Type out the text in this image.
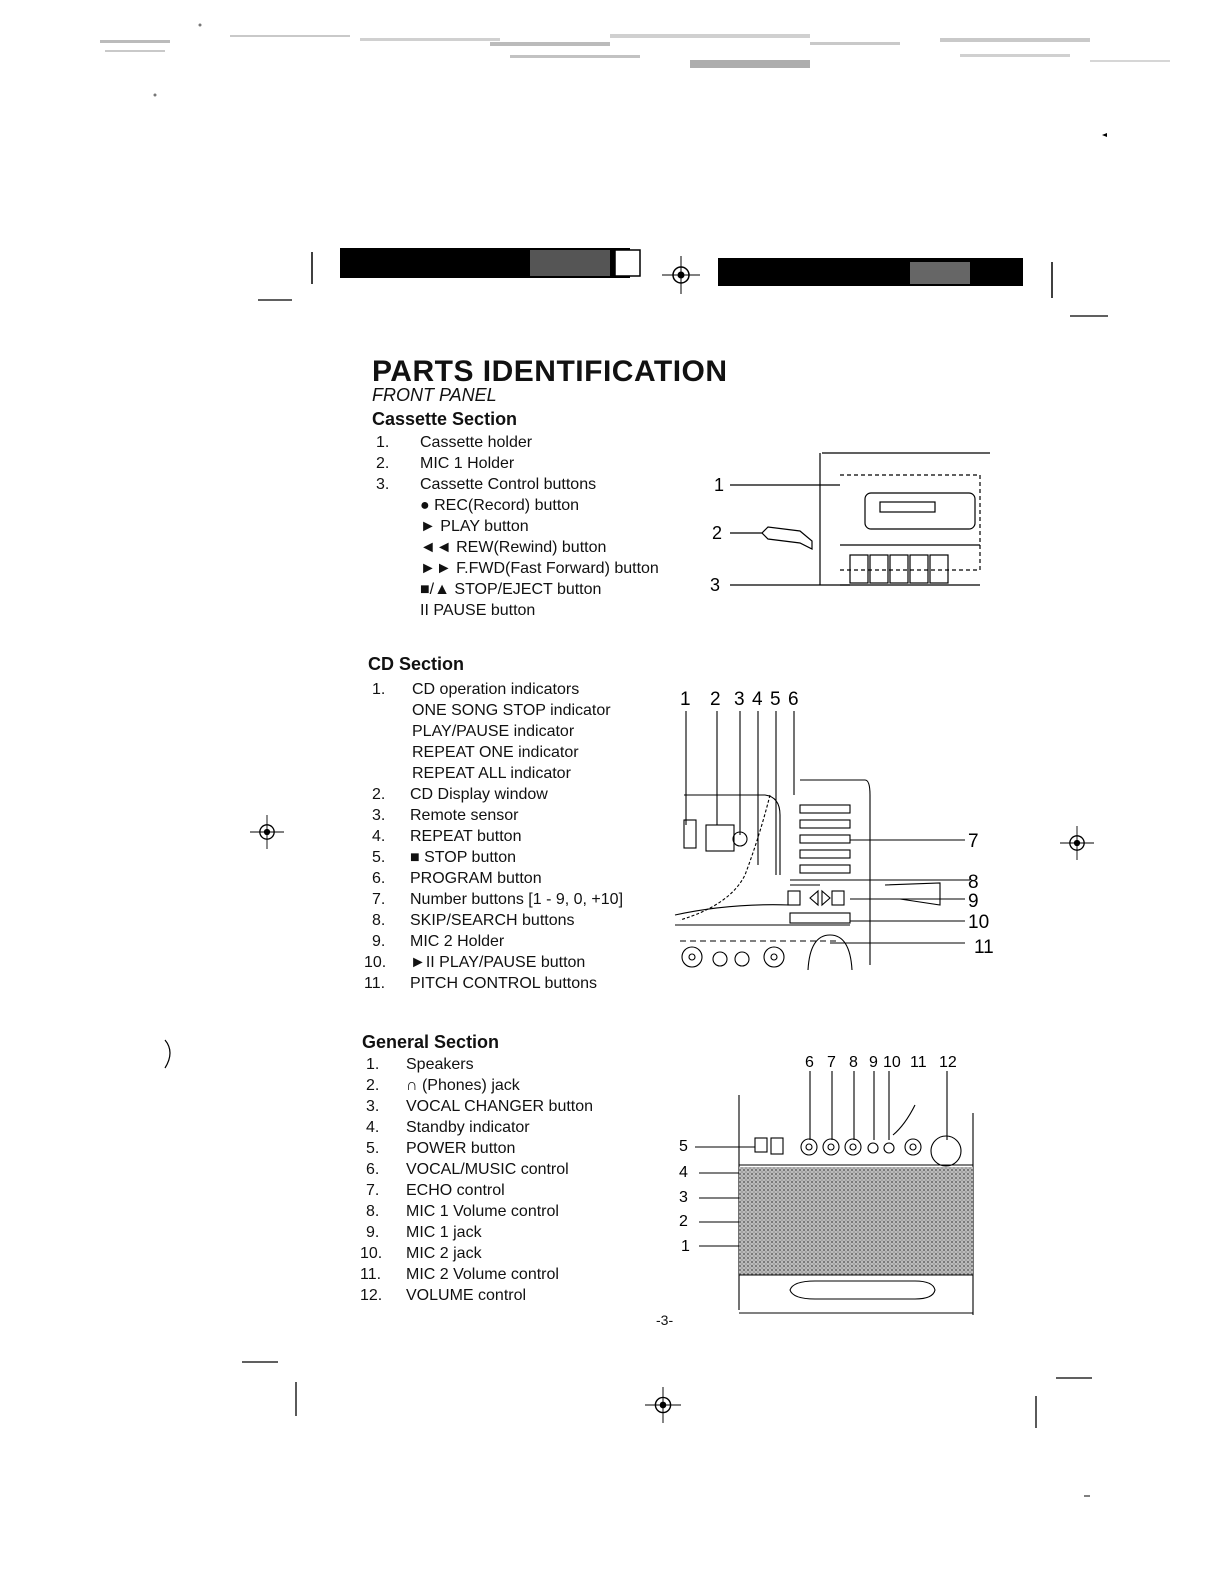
PARTS IDENTIFICATION
FRONT PANEL
Cassette Section
1. Cassette holder
2. MIC 1 Holder
3. Cassette Control buttons
● REC(Record) button
► PLAY button
◄◄ REW(Rewind) button
►► F.FWD(Fast Forward) button
■/▲ STOP/EJECT button
II PAUSE button
1
2
3
CD Section
1. CD operation indicators
ONE SONG STOP indicator
PLAY/PAUSE indicator
REPEAT ONE indicator
REPEAT ALL indicator
2. CD Display window
3. Remote sensor
4. REPEAT button
5. ■ STOP button
6. PROGRAM button
7. Number buttons [1 - 9, 0, +10]
8. SKIP/SEARCH buttons
9. MIC 2 Holder
10. ►II PLAY/PAUSE button
11. PITCH CONTROL buttons
1 2 3 4 5 6
7
8
9
10
11
General Section
1. Speakers
2. ∩ (Phones) jack
3. VOCAL CHANGER button
4. Standby indicator
5. POWER button
6. VOCAL/MUSIC control
7. ECHO control
8. MIC 1 Volume control
9. MIC 1 jack
10. MIC 2 jack
11. MIC 2 Volume control
12. VOLUME control
6 7 8 9 10 11 12
5
4
3
2
1
-3-
